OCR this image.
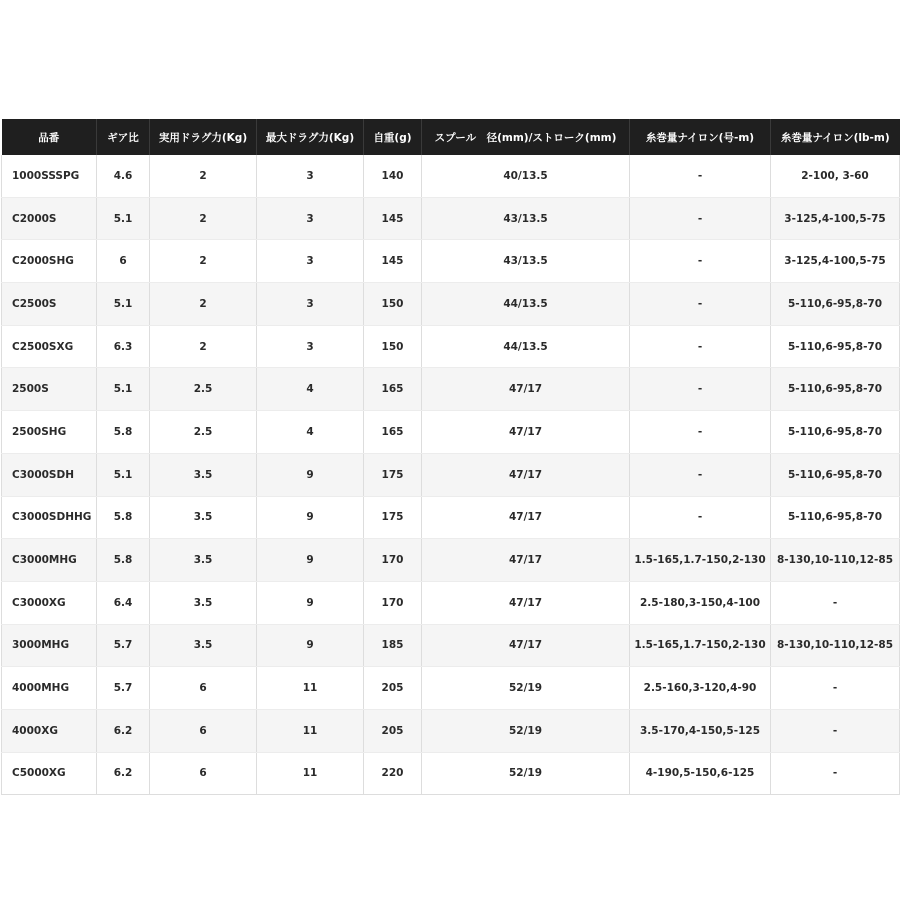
品番	ギア比	実用ドラグ力(Kg)	最大ドラグ力(Kg)	自重(g)	スプール　径(mm)/ストローク(mm)	糸巻量ナイロン(号-m)	糸巻量ナイロン(lb-m)
1000SSSPG	4.6	2	3	140	40/13.5	-	2-100, 3-60
C2000S	5.1	2	3	145	43/13.5	-	3-125,4-100,5-75
C2000SHG	6	2	3	145	43/13.5	-	3-125,4-100,5-75
C2500S	5.1	2	3	150	44/13.5	-	5-110,6-95,8-70
C2500SXG	6.3	2	3	150	44/13.5	-	5-110,6-95,8-70
2500S	5.1	2.5	4	165	47/17	-	5-110,6-95,8-70
2500SHG	5.8	2.5	4	165	47/17	-	5-110,6-95,8-70
C3000SDH	5.1	3.5	9	175	47/17	-	5-110,6-95,8-70
C3000SDHHG	5.8	3.5	9	175	47/17	-	5-110,6-95,8-70
C3000MHG	5.8	3.5	9	170	47/17	1.5-165,1.7-150,2-130	8-130,10-110,12-85
C3000XG	6.4	3.5	9	170	47/17	2.5-180,3-150,4-100	-
3000MHG	5.7	3.5	9	185	47/17	1.5-165,1.7-150,2-130	8-130,10-110,12-85
4000MHG	5.7	6	11	205	52/19	2.5-160,3-120,4-90	-
4000XG	6.2	6	11	205	52/19	3.5-170,4-150,5-125	-
C5000XG	6.2	6	11	220	52/19	4-190,5-150,6-125	-
